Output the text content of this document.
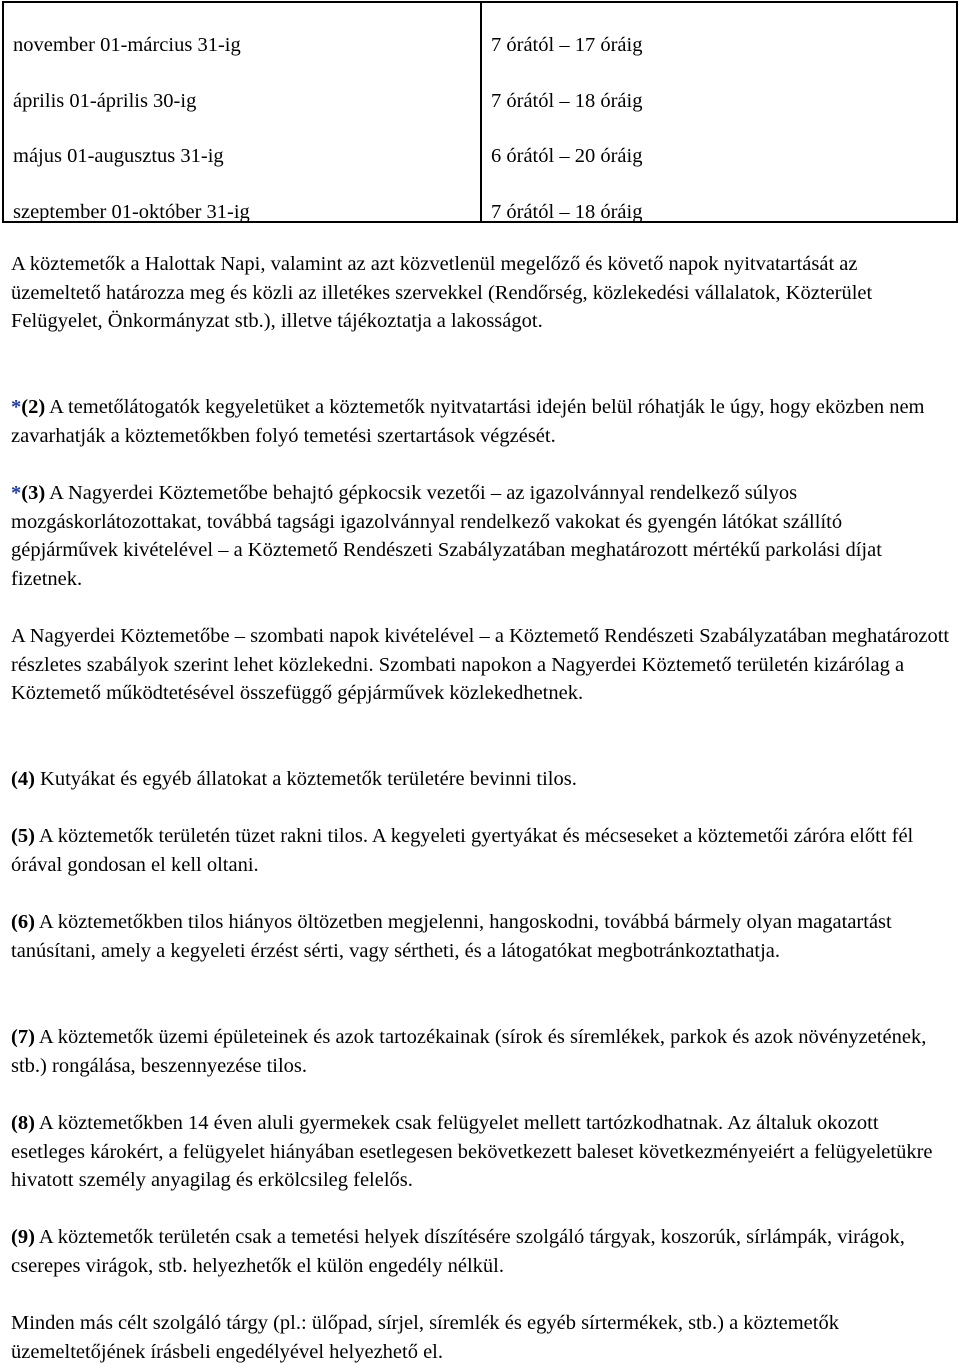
november 01-március 31-ig
április 01-április 30-ig
május 01-augusztus 31-ig
szeptember 01-október 31-ig
7 órától – 17 óráig
7 órától – 18 óráig
6 órától – 20 óráig
7 órától – 18 óráig

A köztemetők a Halottak Napi, valamint az azt közvetlenül megelőző és követő napok nyitvatartását az üzemeltető határozza meg és közli az illetékes szervekkel (Rendőrség, közlekedési vállalatok, Közterület Felügyelet, Önkormányzat stb.), illetve tájékoztatja a lakosságot.

*(2) A temetőlátogatók kegyeletüket a köztemetők nyitvatartási idején belül róhatják le úgy, hogy eközben nem zavarhatják a köztemetőkben folyó temetési szertartások végzését.

*(3) A Nagyerdei Köztemetőbe behajtó gépkocsik vezetői – az igazolvánnyal rendelkező súlyos mozgáskorlátozottakat, továbbá tagsági igazolvánnyal rendelkező vakokat és gyengén látókat szállító gépjárművek kivételével – a Köztemető Rendészeti Szabályzatában meghatározott mértékű parkolási díjat fizetnek.

A Nagyerdei Köztemetőbe – szombati napok kivételével – a Köztemető Rendészeti Szabályzatában meghatározott részletes szabályok szerint lehet közlekedni. Szombati napokon a Nagyerdei Köztemető területén kizárólag a Köztemető működtetésével összefüggő gépjárművek közlekedhetnek.

(4) Kutyákat és egyéb állatokat a köztemetők területére bevinni tilos.

(5) A köztemetők területén tüzet rakni tilos. A kegyeleti gyertyákat és mécseseket a köztemetői záróra előtt fél órával gondosan el kell oltani.

(6) A köztemetőkben tilos hiányos öltözetben megjelenni, hangoskodni, továbbá bármely olyan magatartást tanúsítani, amely a kegyeleti érzést sérti, vagy sértheti, és a látogatókat megbotránkoztathatja.

(7) A köztemetők üzemi épületeinek és azok tartozékainak (sírok és síremlékek, parkok és azok növényzetének, stb.) rongálása, beszennyezése tilos.

(8) A köztemetőkben 14 éven aluli gyermekek csak felügyelet mellett tartózkodhatnak. Az általuk okozott esetleges károkért, a felügyelet hiányában esetlegesen bekövetkezett baleset következményeiért a felügyeletükre hivatott személy anyagilag és erkölcsileg felelős.

(9) A köztemetők területén csak a temetési helyek díszítésére szolgáló tárgyak, koszorúk, sírlámpák, virágok, cserepes virágok, stb. helyezhetők el külön engedély nélkül.

Minden más célt szolgáló tárgy (pl.: ülőpad, sírjel, síremlék és egyéb sírtermékek, stb.) a köztemetők üzemeltetőjének írásbeli engedélyével helyezhető el.
